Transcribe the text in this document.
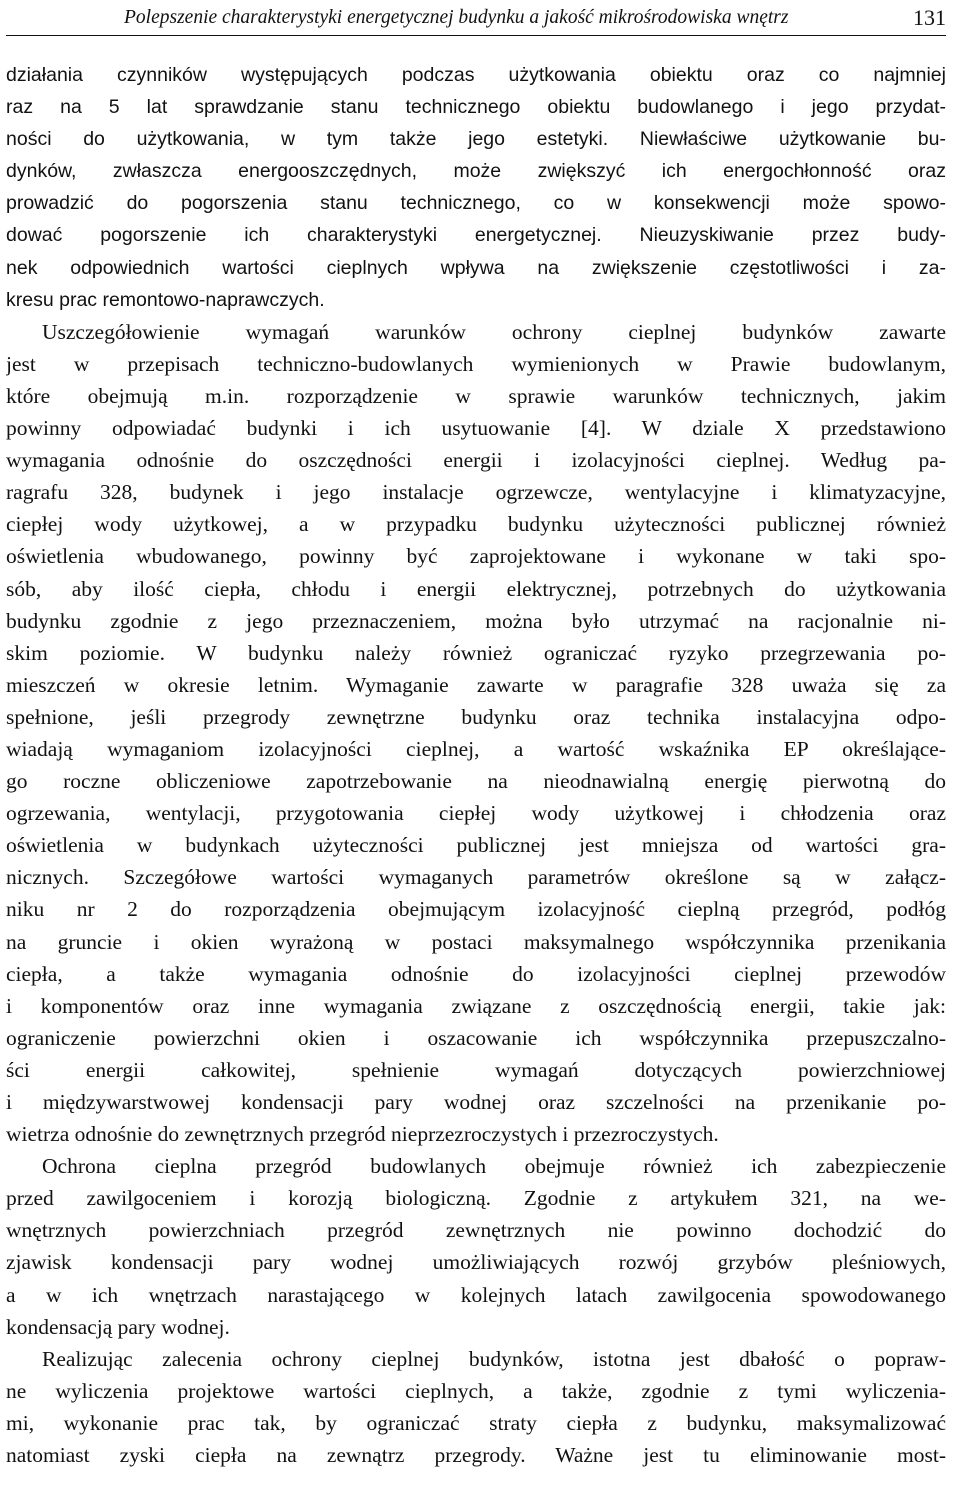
Polepszenie charakterystyki energetycznej budynku a jakość mikrośrodowiska wnętrz	131
działania czynników występujących podczas użytkowania obiektu oraz co najmniej
raz na 5 lat sprawdzanie stanu technicznego obiektu budowlanego i jego przydat-
ności do użytkowania, w tym także jego estetyki. Niewłaściwe użytkowanie bu-
dynków, zwłaszcza energooszczędnych, może zwiększyć ich energochłonność oraz
prowadzić do pogorszenia stanu technicznego, co w konsekwencji może spowo-
dować pogorszenie ich charakterystyki energetycznej. Nieuzyskiwanie przez budy-
nek odpowiednich wartości cieplnych wpływa na zwiększenie częstotliwości i za-
kresu prac remontowo-naprawczych.
Uszczegółowienie wymagań warunków ochrony cieplnej budynków zawarte
jest w przepisach techniczno-budowlanych wymienionych w Prawie budowlanym,
które obejmują m.in. rozporządzenie w sprawie warunków technicznych, jakim
powinny odpowiadać budynki i ich usytuowanie [4]. W dziale X przedstawiono
wymagania odnośnie do oszczędności energii i izolacyjności cieplnej. Według pa-
ragrafu 328, budynek i jego instalacje ogrzewcze, wentylacyjne i klimatyzacyjne,
ciepłej wody użytkowej, a w przypadku budynku użyteczności publicznej również
oświetlenia wbudowanego, powinny być zaprojektowane i wykonane w taki spo-
sób, aby ilość ciepła, chłodu i energii elektrycznej, potrzebnych do użytkowania
budynku zgodnie z jego przeznaczeniem, można było utrzymać na racjonalnie ni-
skim poziomie. W budynku należy również ograniczać ryzyko przegrzewania po-
mieszczeń w okresie letnim. Wymaganie zawarte w paragrafie 328 uważa się za
spełnione, jeśli przegrody zewnętrzne budynku oraz technika instalacyjna odpo-
wiadają wymaganiom izolacyjności cieplnej, a wartość wskaźnika EP określające-
go roczne obliczeniowe zapotrzebowanie na nieodnawialną energię pierwotną do
ogrzewania, wentylacji, przygotowania ciepłej wody użytkowej i chłodzenia oraz
oświetlenia w budynkach użyteczności publicznej jest mniejsza od wartości gra-
nicznych. Szczegółowe wartości wymaganych parametrów określone są w załącz-
niku nr 2 do rozporządzenia obejmującym izolacyjność cieplną przegród, podłóg
na gruncie i okien wyrażoną w postaci maksymalnego współczynnika przenikania
ciepła, a także wymagania odnośnie do izolacyjności cieplnej przewodów
i komponentów oraz inne wymagania związane z oszczędnością energii, takie jak:
ograniczenie powierzchni okien i oszacowanie ich współczynnika przepuszczalno-
ści energii całkowitej, spełnienie wymagań dotyczących powierzchniowej
i międzywarstwowej kondensacji pary wodnej oraz szczelności na przenikanie po-
wietrza odnośnie do zewnętrznych przegród nieprzezroczystych i przezroczystych.
Ochrona cieplna przegród budowlanych obejmuje również ich zabezpieczenie
przed zawilgoceniem i korozją biologiczną. Zgodnie z artykułem 321, na we-
wnętrznych powierzchniach przegród zewnętrznych nie powinno dochodzić do
zjawisk kondensacji pary wodnej umożliwiających rozwój grzybów pleśniowych,
a w ich wnętrzach narastającego w kolejnych latach zawilgocenia spowodowanego
kondensacją pary wodnej.
Realizując zalecenia ochrony cieplnej budynków, istotna jest dbałość o popraw-
ne wyliczenia projektowe wartości cieplnych, a także, zgodnie z tymi wyliczenia-
mi, wykonanie prac tak, by ograniczać straty ciepła z budynku, maksymalizować
natomiast zyski ciepła na zewnątrz przegrody. Ważne jest tu eliminowanie most-
